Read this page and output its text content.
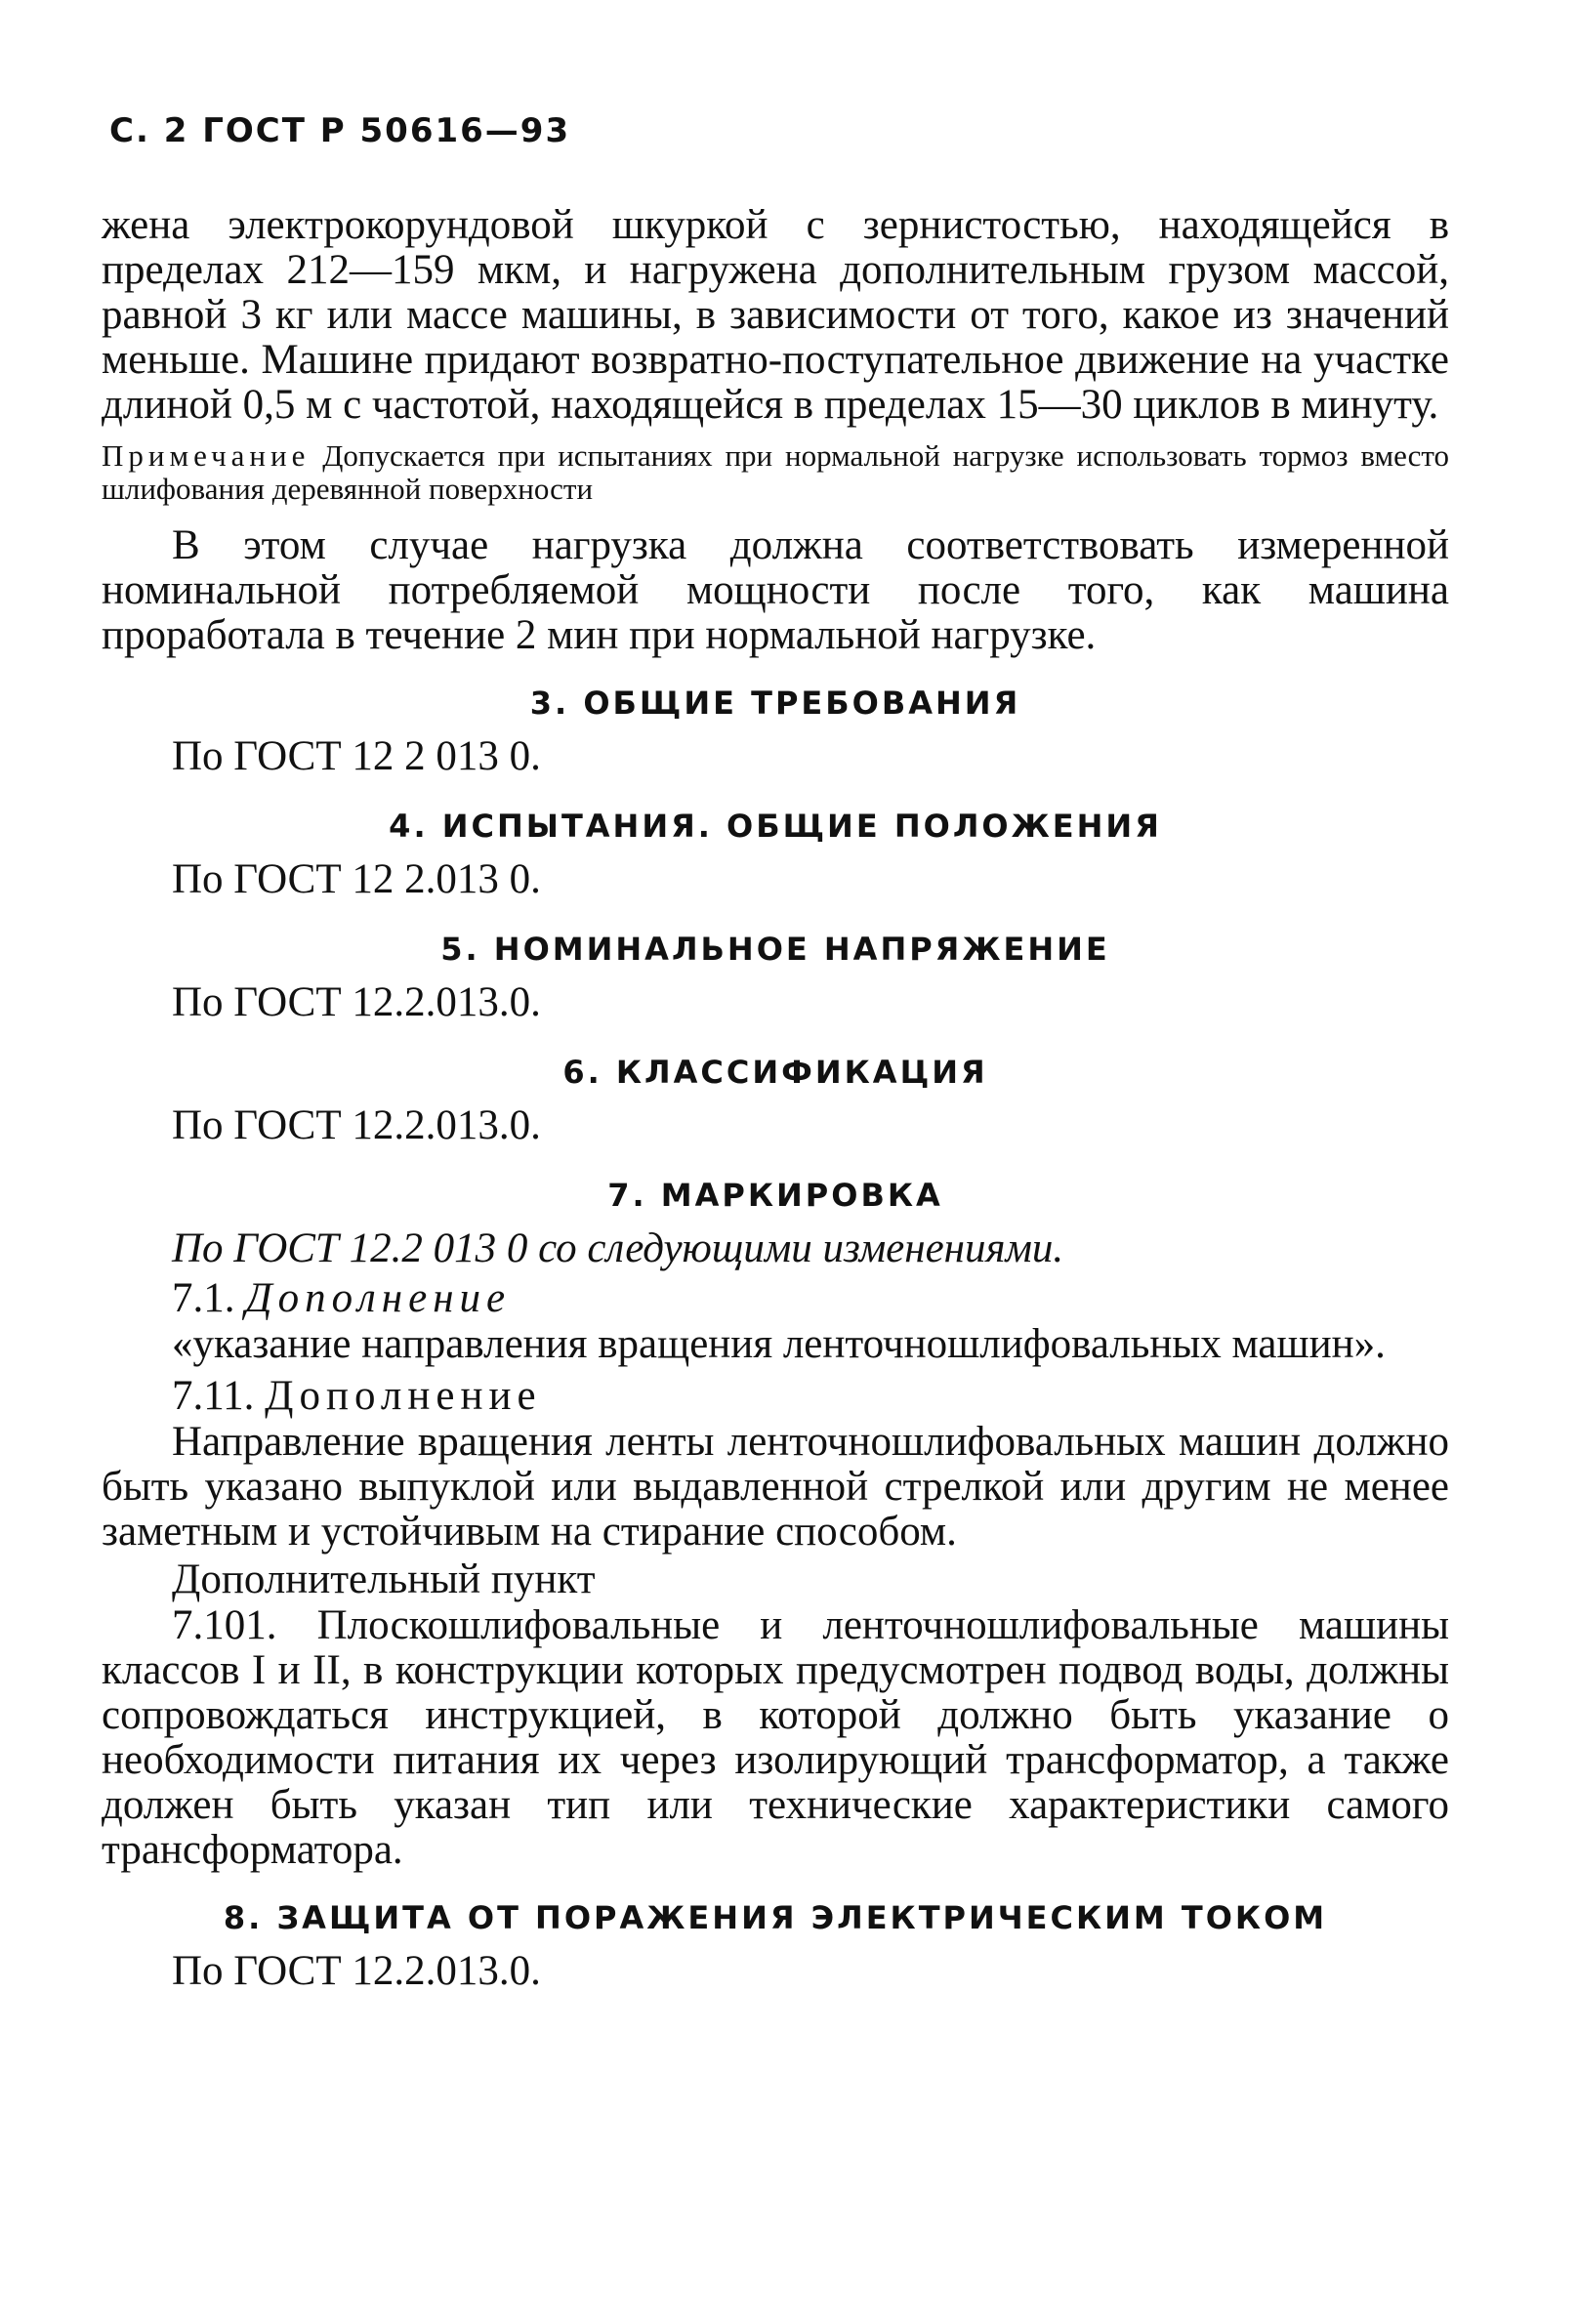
С. 2 ГОСТ Р 50616—93

жена электрокорундовой шкуркой с зернистостью, находящейся в пределах 212—159 мкм, и нагружена дополнительным грузом массой, равной 3 кг или массе машины, в зависимости от того, какое из значений меньше. Машине придают возвратно-поступательное движение на участке длиной 0,5 м с частотой, находящейся в пределах 15—30 циклов в минуту.

Примечание Допускается при испытаниях при нормальной нагрузке использовать тормоз вместо шлифования деревянной поверхности

В этом случае нагрузка должна соответствовать измеренной номинальной потребляемой мощности после того, как машина проработала в течение 2 мин при нормальной нагрузке.

3. ОБЩИЕ ТРЕБОВАНИЯ
По ГОСТ 12 2 013 0.
4. ИСПЫТАНИЯ. ОБЩИЕ ПОЛОЖЕНИЯ
По ГОСТ 12 2.013 0.
5. НОМИНАЛЬНОЕ НАПРЯЖЕНИЕ
По ГОСТ 12.2.013.0.
6. КЛАССИФИКАЦИЯ
По ГОСТ 12.2.013.0.
7. МАРКИРОВКА
По ГОСТ 12.2 013 0 со следующими изменениями.
7.1. Дополнение

«указание направления вращения ленточношлифовальных машин».

7.11. Дополнение

Направление вращения ленты ленточношлифовальных машин должно быть указано выпуклой или выдавленной стрелкой или другим не менее заметным и устойчивым на стирание способом.

Дополнительный пункт

7.101. Плоскошлифовальные и ленточношлифовальные машины классов I и II, в конструкции которых предусмотрен подвод воды, должны сопровождаться инструкцией, в которой должно быть указание о необходимости питания их через изолирующий трансформатор, а также должен быть указан тип или технические характеристики самого трансформатора.

8. ЗАЩИТА ОТ ПОРАЖЕНИЯ ЭЛЕКТРИЧЕСКИМ ТОКОМ
По ГОСТ 12.2.013.0.
